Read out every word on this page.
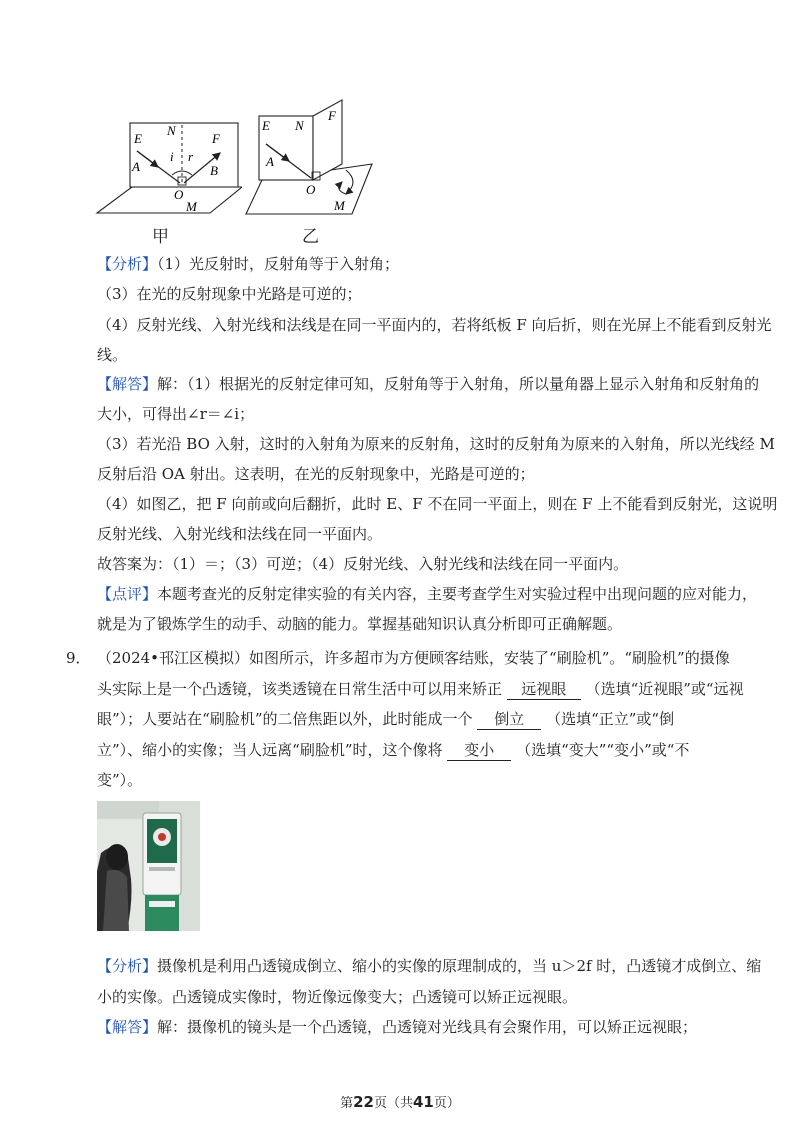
E
N
F
A
i r
B
O
M
甲
E N
F
A
O
M
乙
【分析】（1）光反射时，反射角等于入射角；
（3）在光的反射现象中光路是可逆的；
（4）反射光线、入射光线和法线是在同一平面内的，若将纸板 F 向后折，则在光屏上不能看到反射光
线。
【解答】解：（1）根据光的反射定律可知，反射角等于入射角，所以量角器上显示入射角和反射角的
大小，可得出∠r＝∠i；
（3）若光沿 BO 入射，这时的入射角为原来的反射角，这时的反射角为原来的入射角，所以光线经 M
反射后沿 OA 射出。这表明，在光的反射现象中，光路是可逆的；
（4）如图乙，把 F 向前或向后翻折，此时 E、F 不在同一平面上，则在 F 上不能看到反射光，这说明
反射光线、入射光线和法线在同一平面内。
故答案为：（1）＝；（3）可逆；（4）反射光线、入射光线和法线在同一平面内。
【点评】本题考查光的反射定律实验的有关内容，主要考查学生对实验过程中出现问题的应对能力，
就是为了锻炼学生的动手、动脑的能力。掌握基础知识认真分析即可正确解题。
9． （2024•邗江区模拟）如图所示，许多超市为方便顾客结账，安装了“刷脸机”。“刷脸机”的摄像
头实际上是一个凸透镜，该类透镜在日常生活中可以用来矫正 远视眼 （选填“近视眼”或“远视
眼”）；人要站在“刷脸机”的二倍焦距以外，此时能成一个 倒立 （选填“正立”或“倒
立”）、缩小的实像；当人远离“刷脸机”时，这个像将 变小 （选填“变大”“变小”或“不
变”）。
【分析】摄像机是利用凸透镜成倒立、缩小的实像的原理制成的，当 u＞2f 时，凸透镜才成倒立、缩
小的实像。凸透镜成实像时，物近像远像变大；凸透镜可以矫正远视眼。
【解答】解：摄像机的镜头是一个凸透镜，凸透镜对光线具有会聚作用，可以矫正远视眼；
第22页（共41页）
